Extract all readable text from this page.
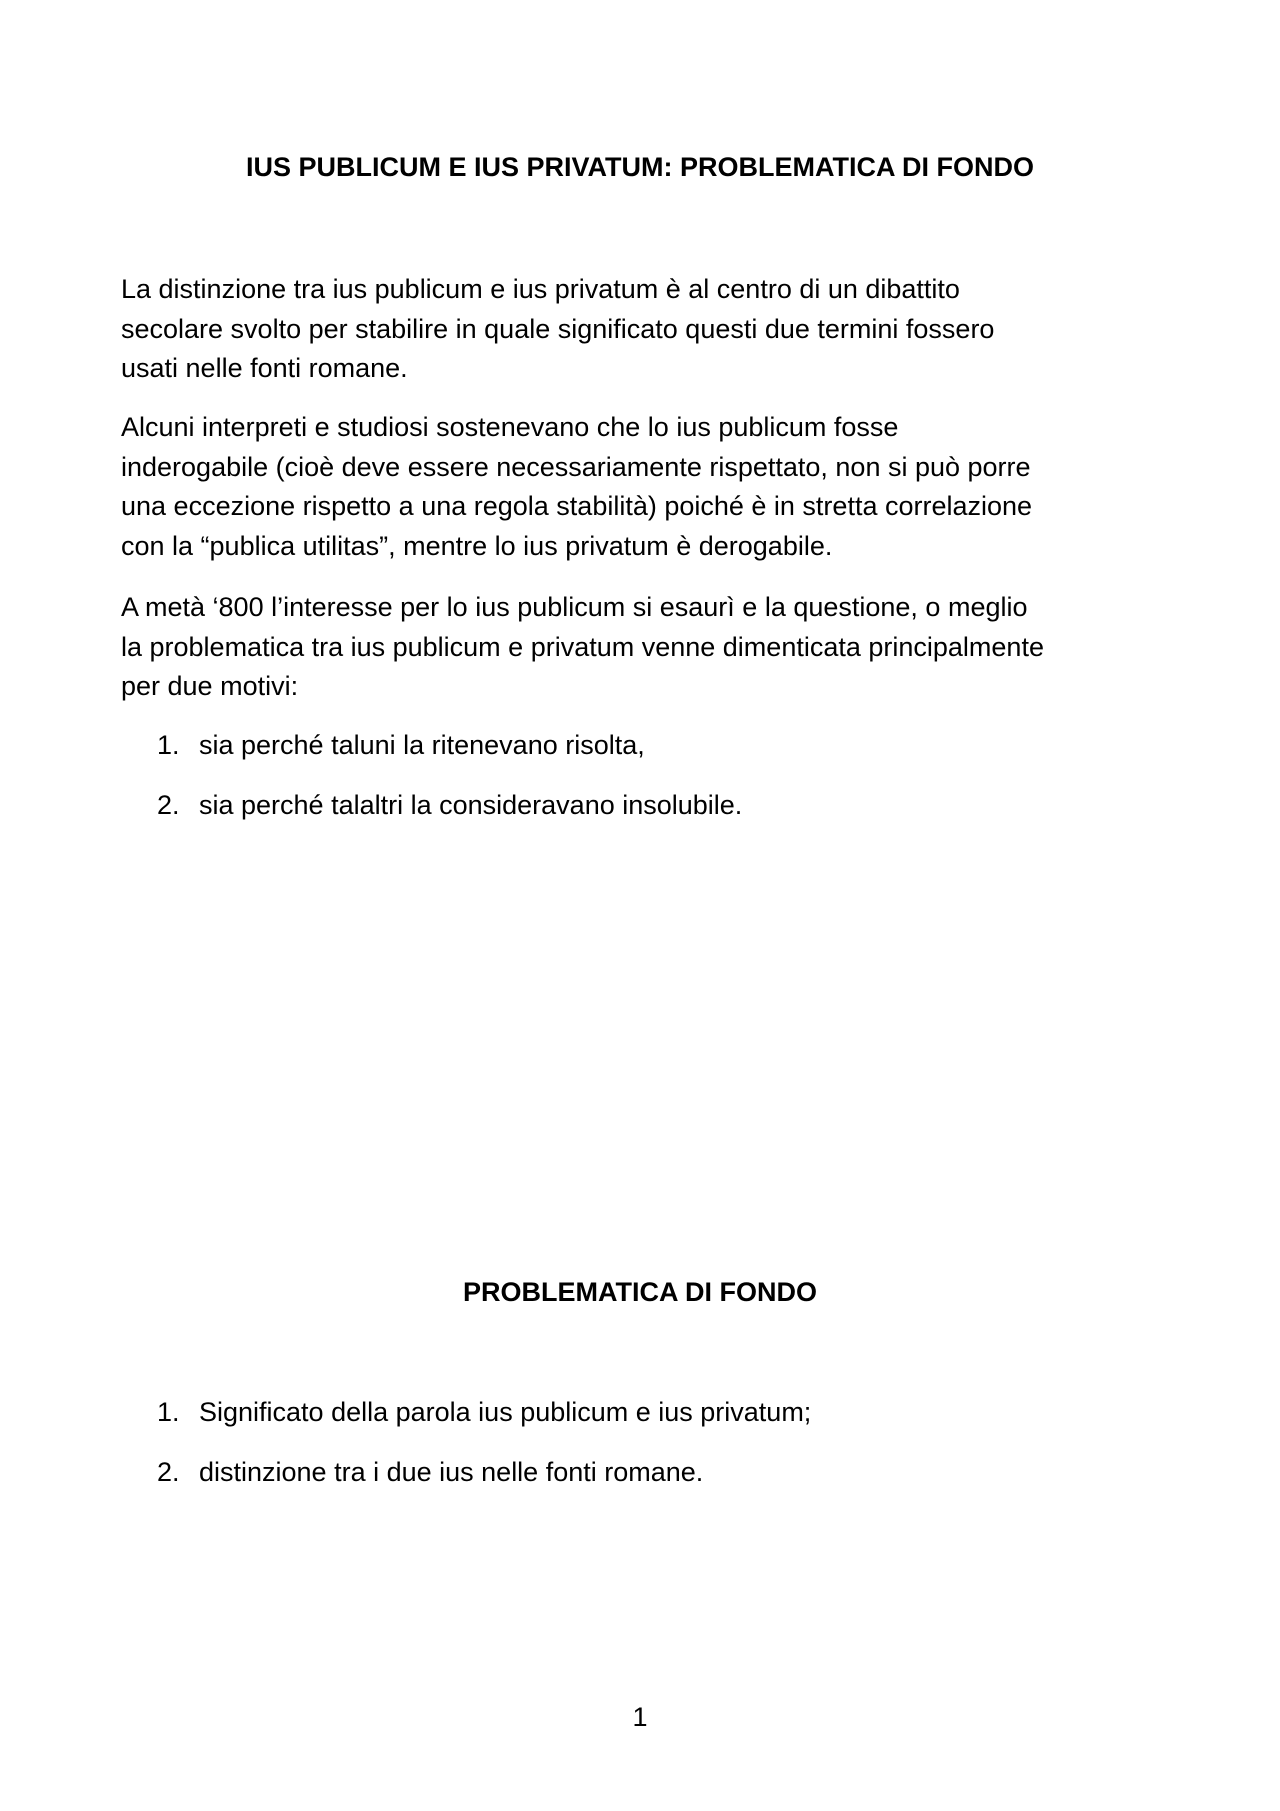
IUS PUBLICUM E IUS PRIVATUM: PROBLEMATICA DI FONDO

La distinzione tra ius publicum e ius privatum è al centro di un dibattito
secolare svolto per stabilire in quale significato questi due termini fossero
usati nelle fonti romane.

Alcuni interpreti e studiosi sostenevano che lo ius publicum fosse
inderogabile (cioè deve essere necessariamente rispettato, non si può porre
una eccezione rispetto a una regola stabilità) poiché è in stretta correlazione
con la “publica utilitas”, mentre lo ius privatum è derogabile.

A metà ‘800 l’interesse per lo ius publicum si esaurì e la questione, o meglio
la problematica tra ius publicum e privatum venne dimenticata principalmente
per due motivi:

1. sia perché taluni la ritenevano risolta,
2. sia perché talaltri la consideravano insolubile.
PROBLEMATICA DI FONDO
1. Significato della parola ius publicum e ius privatum;
2. distinzione tra i due ius nelle fonti romane.
1
